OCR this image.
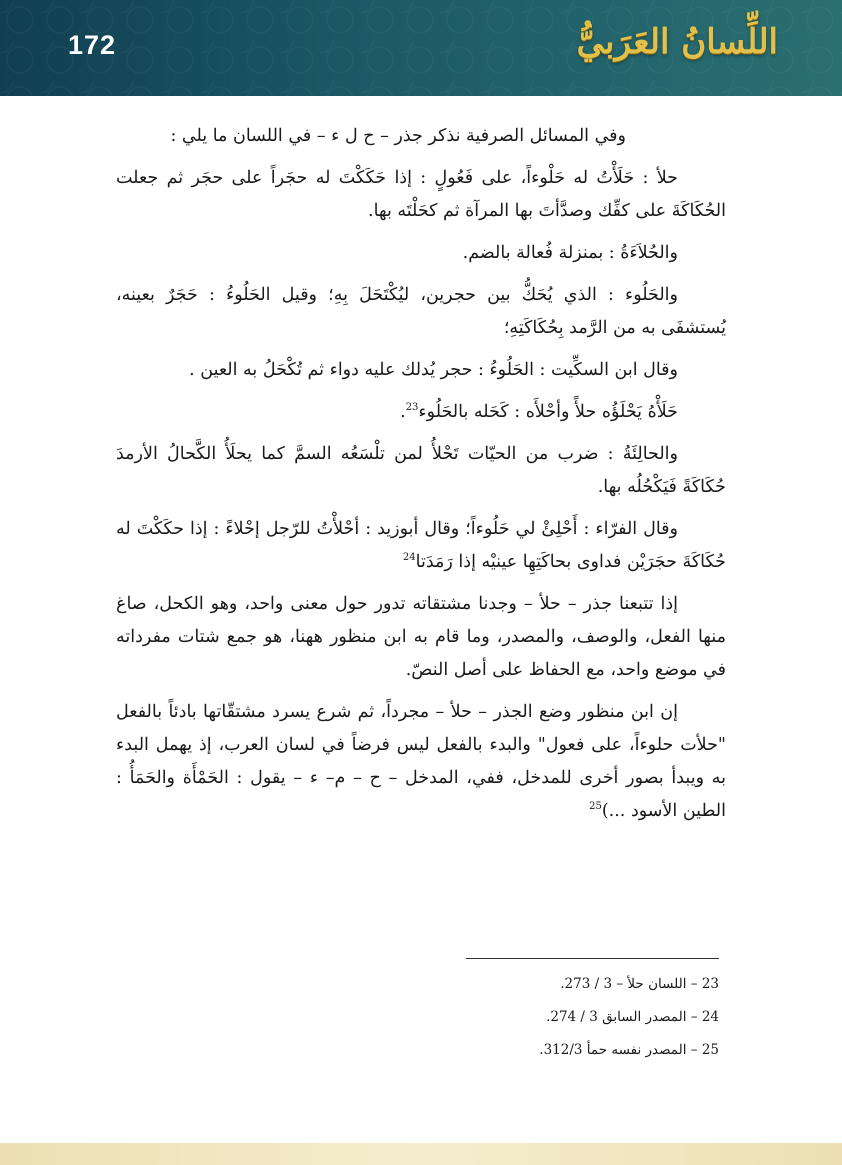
172	اللِّسانُ العَرَبيُّ

وفي المسائل الصرفية نذكر جذر – ح ل ء – في اللسان ما يلي :

حلأ : حَلَأْتُ له حَلْوءاً، على فَعُولٍ : إذا حَكَكْتَ له حجَراً على حجَر ثم جعلت الحُكَاكَةَ على كفِّك وصدَّأتَ بها المرآة ثم كحَلْتَه بها.

والحُلاَءَةُ : بمنزلة فُعالة بالضم.

والحَلُوء : الذي يُحَكُّ بين حجرين، ليُكْتَحَلَ بِهِ؛ وقيل الحَلُوءُ : حَجَرٌ بعينه، يُستشفَى به من الرَّمد بِحُكَاكَتِهِ؛

وقال ابن السكِّيت : الحَلُوءُ : حجر يُدلك عليه دواء ثم تُكْحَلُ به العين .

حَلَأْهُ يَحْلَؤُه حلأً وأحْلأَه : كَحَله بالحَلُوء$^{23}$.

والحالِئَةُ : ضرب من الحيّات تَحْلأُ لمن تلْسَعُه السمَّ كما يحلَأُ الكَّحالُ الأرمدَ حُكَاكَةً فَيَكْحُلُه بها.

وقال الفرّاء : أَحْلِئْ لي حَلُوءاً؛ وقال أبوزيد : أحْلأْتُ للرّجل إحْلاءً : إذا حكَكْتَ له حُكَاكَةَ حجَرَيْن فداوى بحاكَتِهِا عينيْه إذا رَمَدَتا$^{24}$

إذا تتبعنا جذر – حلأ – وجدنا مشتقاته تدور حول معنى واحد، وهو الكحل، صاغ منها الفعل، والوصف، والمصدر، وما قام به ابن منظور ههنا، هو جمع شتات مفرداته في موضع واحد، مع الحفاظ على أصل النصّ.

إن ابن منظور وضع الجذر – حلأ – مجرداً، ثم شرع يسرد مشتقّاتها بادئاً بالفعل "حلأت حلوءاً، على فعول" والبدء بالفعل ليس فرضاً في لسان العرب، إذ يهمل البدء به ويبدأ بصور أخرى للمدخل، ففي، المدخل – ح – م– ء – يقول : الحَمْأَة والحَمَأُ : الطين الأسود ...)$^{25}$

23 – اللسان حلأ – 3 / 273.
24 – المصدر السابق 3 / 274.
25 – المصدر نفسه حمأ 312/3.
